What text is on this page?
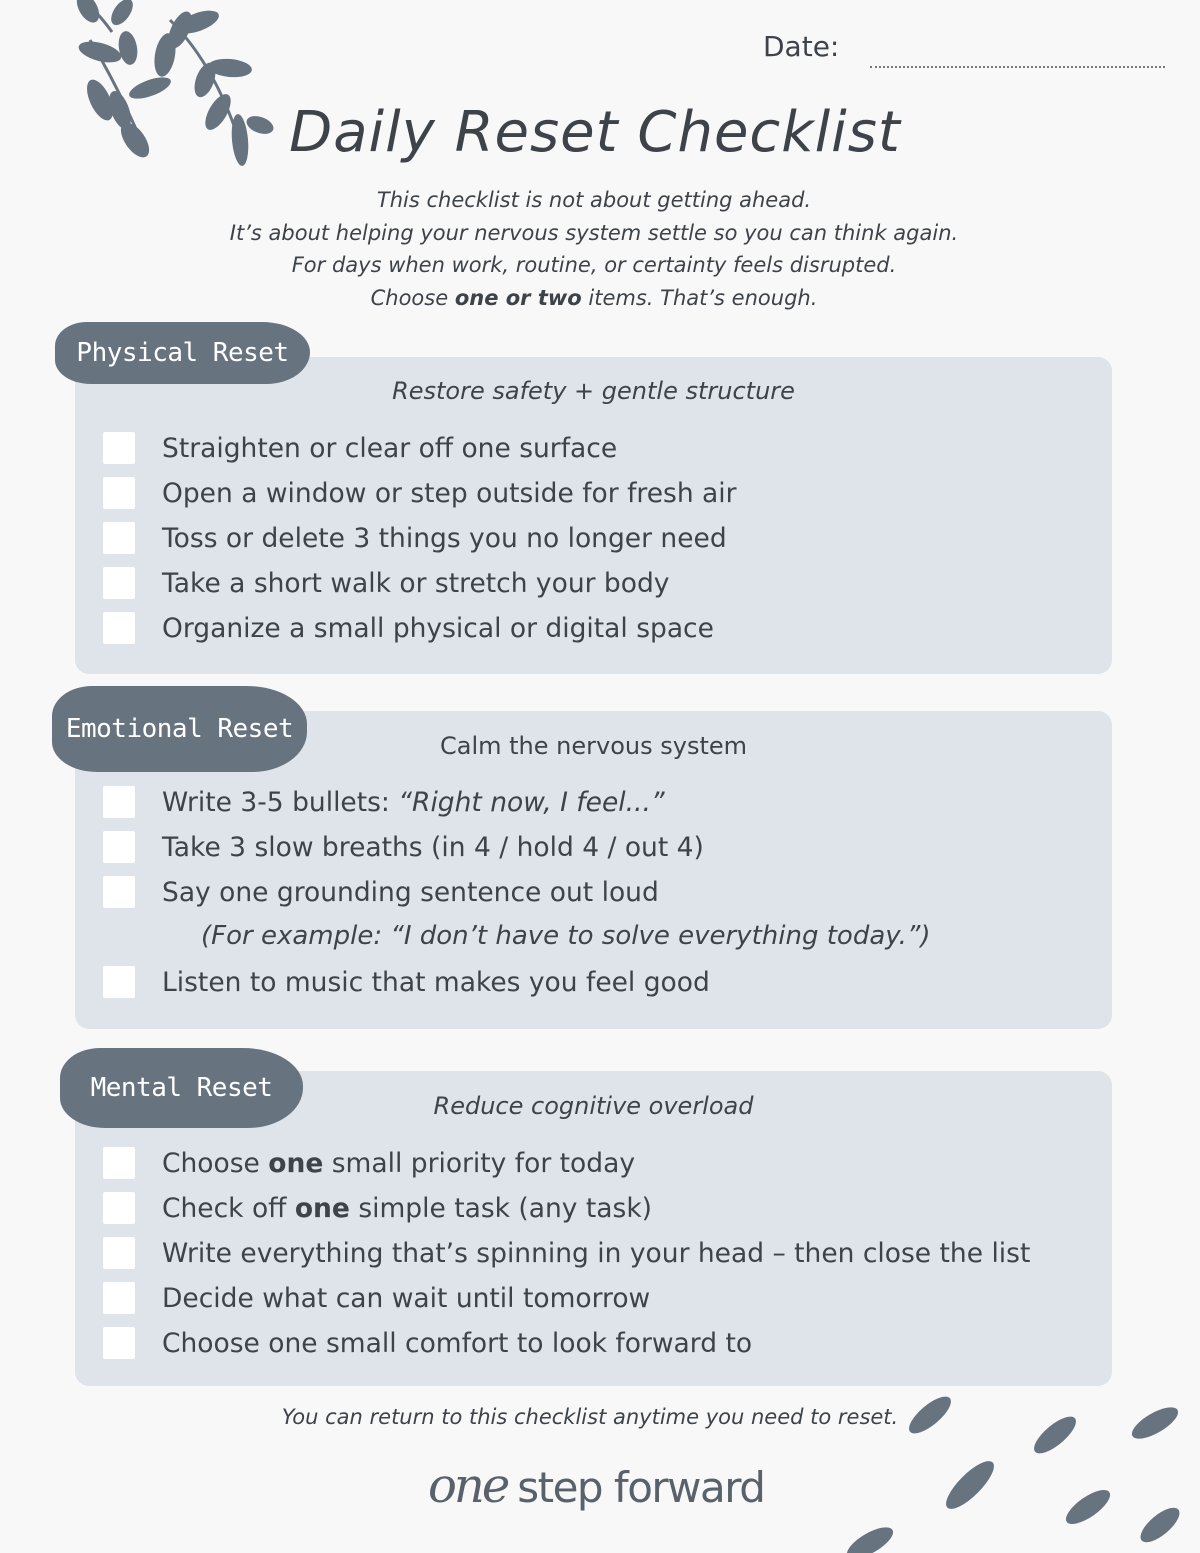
Date:
Daily Reset Checklist
This checklist is not about getting ahead.
It’s about helping your nervous system settle so you can think again.
For days when work, routine, or certainty feels disrupted.
Choose one or two items. That’s enough.
Restore safety + gentle structure
Straighten or clear off one surface
Open a window or step outside for fresh air
Toss or delete 3 things you no longer need
Take a short walk or stretch your body
Organize a small physical or digital space
Physical Reset
Calm the nervous system
Write 3-5 bullets: “Right now, I feel...”
Take 3 slow breaths (in 4 / hold 4 / out 4)
Say one grounding sentence out loud
(For example: “I don’t have to solve everything today.”)
Listen to music that makes you feel good
Emotional Reset
Reduce cognitive overload
Choose one small priority for today
Check off one simple task (any task)
Write everything that’s spinning in your head – then close the list
Decide what can wait until tomorrow
Choose one small comfort to look forward to
Mental Reset
You can return to this checklist anytime you need to reset.
one step forward
